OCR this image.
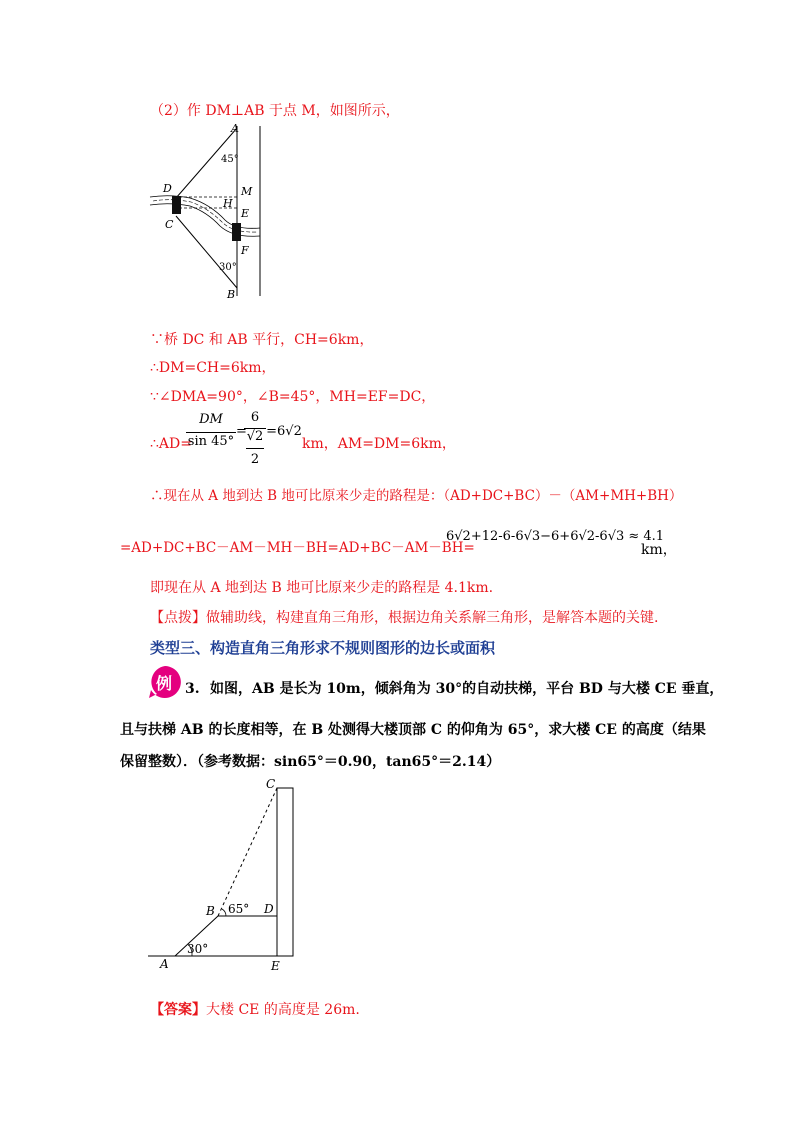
（2）作 DM⊥AB 于点 M，如图所示，
A
45°
D	M
H
E
C
F
30°
B
∵桥 DC 和 AB 平行，CH=6km，
∴DM=CH=6km，
∵∠DMA=90°，∠B=45°，MH=EF=DC，
∴AD=
DM
sin 45°
=
6
√2
2
=6√2
km，AM=DM=6km，
∴现在从 A 地到达 B 地可比原来少走的路程是：（AD+DC+BC）－（AM+MH+BH）
=AD+DC+BC－AM－MH－BH=AD+BC－AM－BH=
6√2+12-6-6√3−6+6√2-6√3 ≈ 4.1
km，
即现在从 A 地到达 B 地可比原来少走的路程是 4.1km.
【点拨】做辅助线，构建直角三角形，根据边角关系解三角形，是解答本题的关键.
类型三、构造直角三角形求不规则图形的边长或面积
例 3. 如图，AB 是长为 10m，倾斜角为 30°的自动扶梯，平台 BD 与大楼 CE 垂直，
且与扶梯 AB 的长度相等，在 B 处测得大楼顶部 C 的仰角为 65°，求大楼 CE 的高度（结果
保留整数）．（参考数据：sin65°＝0.90，tan65°＝2.14）
C
B 65° D
30°
A	E
【答案】大楼 CE 的高度是 26m.
